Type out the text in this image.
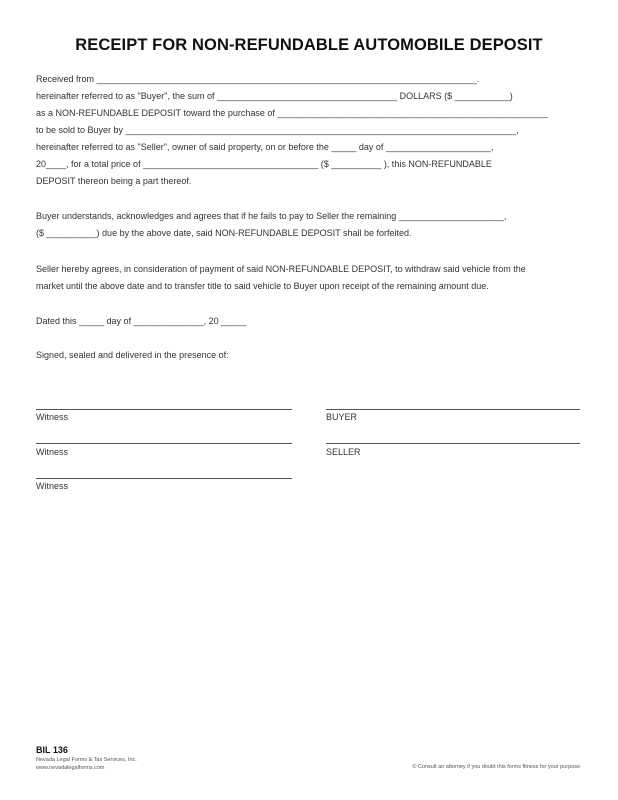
RECEIPT FOR NON-REFUNDABLE AUTOMOBILE DEPOSIT
Received from ____________________________________________________________________________.
hereinafter referred to as "Buyer", the sum of ____________________________________ DOLLARS ($ ___________)
as a NON-REFUNDABLE DEPOSIT toward the purchase of ______________________________________________________
to be sold to Buyer by ______________________________________________________________________________,
hereinafter referred to as "Seller", owner of said property, on or before the _____ day of _____________________,
20____, for a total price of ___________________________________ ($ __________ ), this NON-REFUNDABLE
DEPOSIT thereon being a part thereof.
Buyer understands, acknowledges and agrees that if he fails to pay to Seller the remaining _____________________,
($ __________) due by the above date, said NON-REFUNDABLE DEPOSIT shall be forfeited.
Seller hereby agrees, in consideration of payment of said NON-REFUNDABLE DEPOSIT, to withdraw said vehicle from the
market until the above date and to transfer title to said vehicle to Buyer upon receipt of the remaining amount due.
Dated this _____ day of ______________, 20 _____
Signed, sealed and delivered in the presence of:
Witness	BUYER
Witness	SELLER
Witness
BIL 136
Nevada Legal Forms & Tax Services, Inc.
www.nevadalegalforms.com	© Consult an attorney if you doubt this forms fitness for your purpose
